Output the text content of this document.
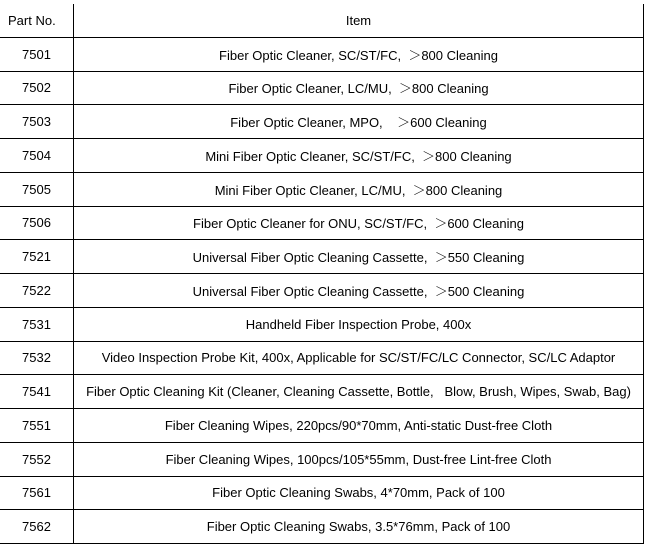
Part No.	Item
7501	Fiber Optic Cleaner, SC/ST/FC,  ＞800 Cleaning
7502	Fiber Optic Cleaner, LC/MU,  ＞800 Cleaning
7503	Fiber Optic Cleaner, MPO,    ＞600 Cleaning
7504	Mini Fiber Optic Cleaner, SC/ST/FC,  ＞800 Cleaning
7505	Mini Fiber Optic Cleaner, LC/MU,  ＞800 Cleaning
7506	Fiber Optic Cleaner for ONU, SC/ST/FC,  ＞600 Cleaning
7521	Universal Fiber Optic Cleaning Cassette,  ＞550 Cleaning
7522	Universal Fiber Optic Cleaning Cassette,  ＞500 Cleaning
7531	Handheld Fiber Inspection Probe, 400x
7532	Video Inspection Probe Kit, 400x, Applicable for SC/ST/FC/LC Connector, SC/LC Adaptor
7541	Fiber Optic Cleaning Kit (Cleaner, Cleaning Cassette, Bottle,   Blow, Brush, Wipes, Swab, Bag)
7551	Fiber Cleaning Wipes, 220pcs/90*70mm, Anti-static Dust-free Cloth
7552	Fiber Cleaning Wipes, 100pcs/105*55mm, Dust-free Lint-free Cloth
7561	Fiber Optic Cleaning Swabs, 4*70mm, Pack of 100
7562	Fiber Optic Cleaning Swabs, 3.5*76mm, Pack of 100
